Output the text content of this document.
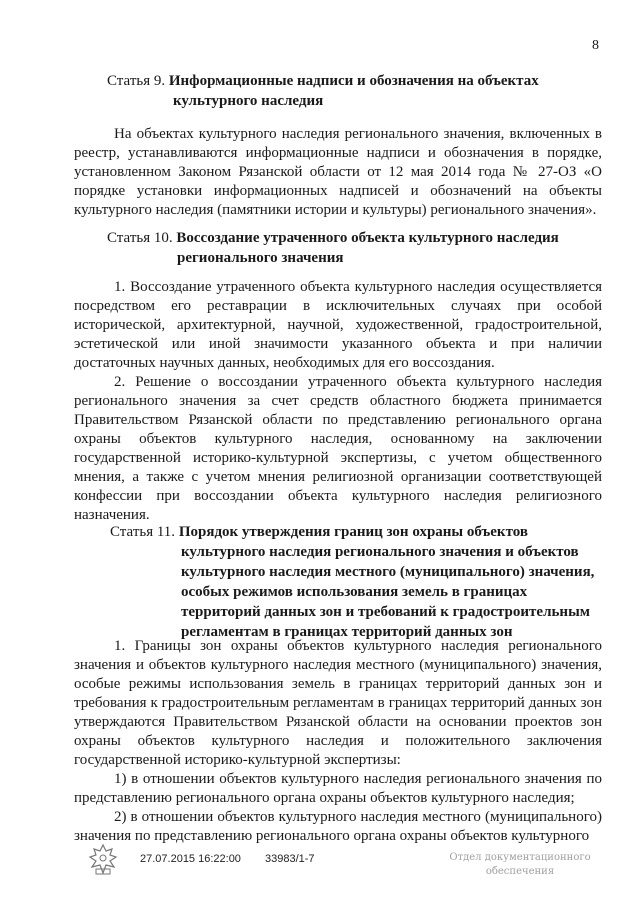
8
Статья 9. Информационные надписи и обозначения на объектах
культурного наследия

На объектах культурного наследия регионального значения, включенных в реестр, устанавливаются информационные надписи и обозначения в порядке, установленном Законом Рязанской области от 12 мая 2014 года № 27-ОЗ «О порядке установки информационных надписей и обозначений на объекты культурного наследия (памятники истории и культуры) регионального значения».

Статья 10. Воссоздание утраченного объекта культурного наследия
регионального значения

1. Воссоздание утраченного объекта культурного наследия осуществляется посредством его реставрации в исключительных случаях при особой исторической, архитектурной, научной, художественной, градостроительной, эстетической или иной значимости указанного объекта и при наличии достаточных научных данных, необходимых для его воссоздания.

2. Решение о воссоздании утраченного объекта культурного наследия регионального значения за счет средств областного бюджета принимается Правительством Рязанской области по представлению регионального органа охраны объектов культурного наследия, основанному на заключении государственной историко-культурной экспертизы, с учетом общественного мнения, а также с учетом мнения религиозной организации соответствующей конфессии при воссоздании объекта культурного наследия религиозного назначения.

Статья 11. Порядок утверждения границ зон охраны объектов
культурного наследия регионального значения и объектов
культурного наследия местного (муниципального) значения,
особых режимов использования земель в границах
территорий данных зон и требований к градостроительным
регламентам в границах территорий данных зон

1. Границы зон охраны объектов культурного наследия регионального значения и объектов культурного наследия местного (муниципального) значения, особые режимы использования земель в границах территорий данных зон и требования к градостроительным регламентам в границах территорий данных зон утверждаются Правительством Рязанской области на основании проектов зон охраны объектов культурного наследия и положительного заключения государственной историко-культурной экспертизы:

1) в отношении объектов культурного наследия регионального значения по представлению регионального органа охраны объектов культурного наследия;

2) в отношении объектов культурного наследия местного (муниципального) значения по представлению регионального органа охраны объектов культурного

27.07.2015 16:22:00 33983/1-7	Отдел документационного
обеспечения
